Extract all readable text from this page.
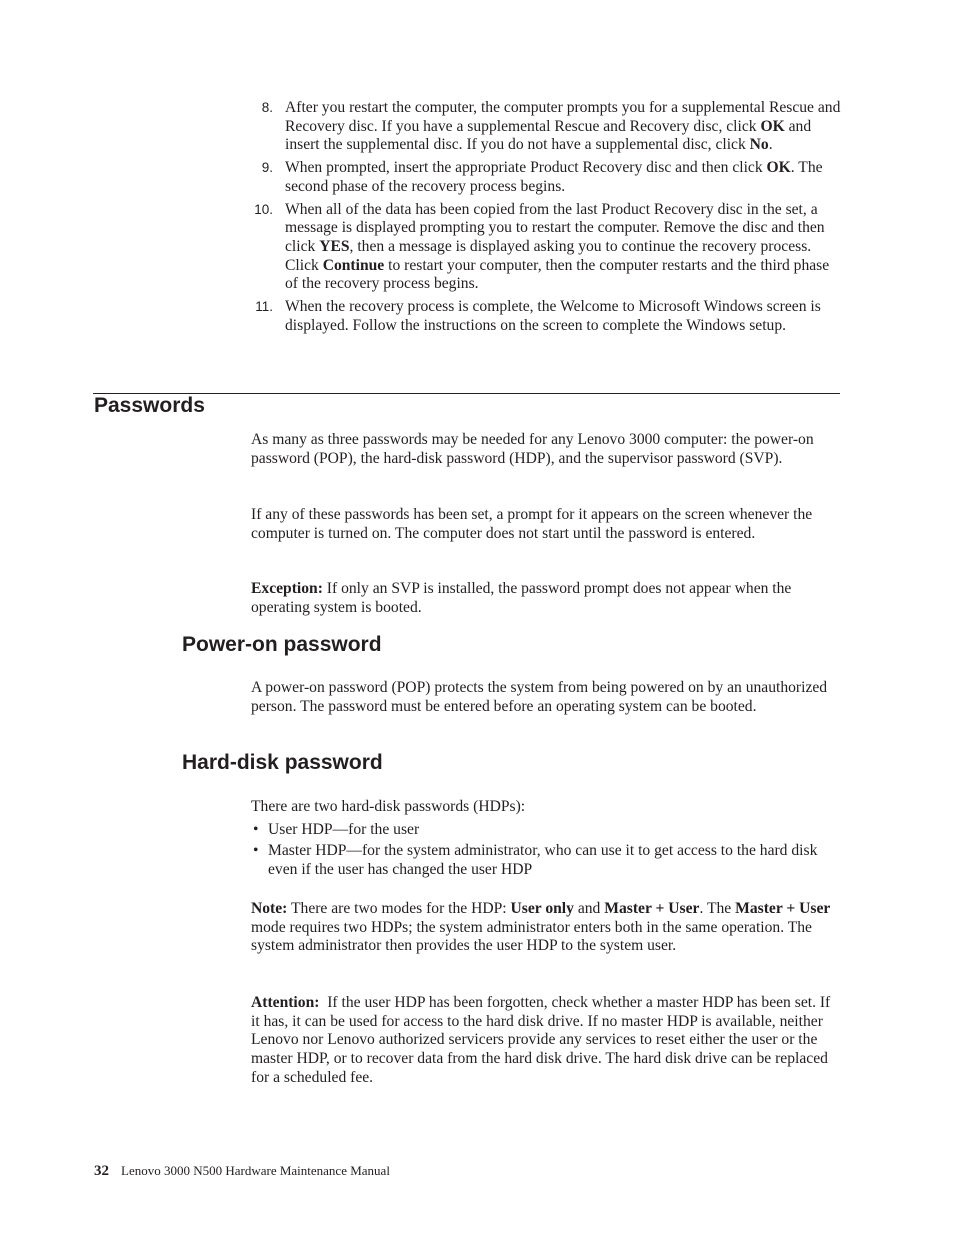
8. After you restart the computer, the computer prompts you for a supplemental Rescue and Recovery disc. If you have a supplemental Rescue and Recovery disc, click OK and insert the supplemental disc. If you do not have a supplemental disc, click No.
9. When prompted, insert the appropriate Product Recovery disc and then click OK. The second phase of the recovery process begins.
10. When all of the data has been copied from the last Product Recovery disc in the set, a message is displayed prompting you to restart the computer. Remove the disc and then click YES, then a message is displayed asking you to continue the recovery process. Click Continue to restart your computer, then the computer restarts and the third phase of the recovery process begins.
11. When the recovery process is complete, the Welcome to Microsoft Windows screen is displayed. Follow the instructions on the screen to complete the Windows setup.
Passwords

As many as three passwords may be needed for any Lenovo 3000 computer: the power-on password (POP), the hard-disk password (HDP), and the supervisor password (SVP).

If any of these passwords has been set, a prompt for it appears on the screen whenever the computer is turned on. The computer does not start until the password is entered.

Exception: If only an SVP is installed, the password prompt does not appear when the operating system is booted.

Power-on password

A power-on password (POP) protects the system from being powered on by an unauthorized person. The password must be entered before an operating system can be booted.

Hard-disk password

There are two hard-disk passwords (HDPs):

• User HDP—for the user
• Master HDP—for the system administrator, who can use it to get access to the hard disk even if the user has changed the user HDP

Note: There are two modes for the HDP: User only and Master + User. The Master + User mode requires two HDPs; the system administrator enters both in the same operation. The system administrator then provides the user HDP to the system user.

Attention:  If the user HDP has been forgotten, check whether a master HDP has been set. If it has, it can be used for access to the hard disk drive. If no master HDP is available, neither Lenovo nor Lenovo authorized servicers provide any services to reset either the user or the master HDP, or to recover data from the hard disk drive. The hard disk drive can be replaced for a scheduled fee.

32 Lenovo 3000 N500 Hardware Maintenance Manual
